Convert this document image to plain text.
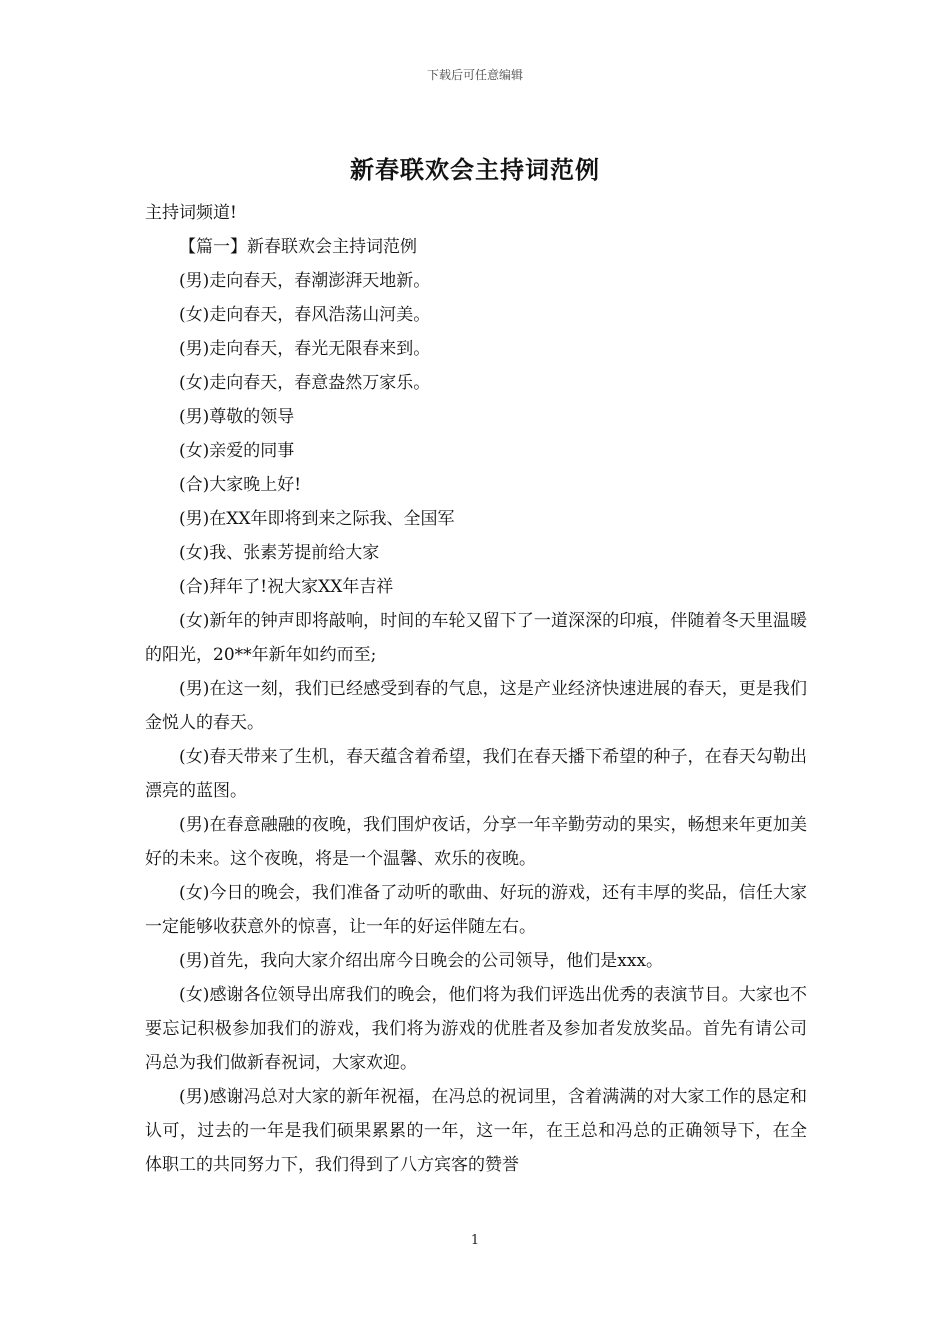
下载后可任意编辑
新春联欢会主持词范例

主持词频道!

【篇一】新春联欢会主持词范例

(男)走向春天，春潮澎湃天地新。

(女)走向春天，春风浩荡山河美。

(男)走向春天，春光无限春来到。

(女)走向春天，春意盎然万家乐。

(男)尊敬的领导

(女)亲爱的同事

(合)大家晚上好!

(男)在XX年即将到来之际我、全国军

(女)我、张素芳提前给大家

(合)拜年了!祝大家XX年吉祥

(女)新年的钟声即将敲响，时间的车轮又留下了一道深深的印痕，伴随着冬天里温暖的阳光，20**年新年如约而至;

(男)在这一刻，我们已经感受到春的气息，这是产业经济快速进展的春天，更是我们金悦人的春天。

(女)春天带来了生机，春天蕴含着希望，我们在春天播下希望的种子，在春天勾勒出漂亮的蓝图。

(男)在春意融融的夜晚，我们围炉夜话，分享一年辛勤劳动的果实，畅想来年更加美好的未来。这个夜晚，将是一个温馨、欢乐的夜晚。

(女)今日的晚会，我们准备了动听的歌曲、好玩的游戏，还有丰厚的奖品，信任大家一定能够收获意外的惊喜，让一年的好运伴随左右。

(男)首先，我向大家介绍出席今日晚会的公司领导，他们是xxx。

(女)感谢各位领导出席我们的晚会，他们将为我们评选出优秀的表演节目。大家也不要忘记积极参加我们的游戏，我们将为游戏的优胜者及参加者发放奖品。首先有请公司冯总为我们做新春祝词，大家欢迎。

(男)感谢冯总对大家的新年祝福，在冯总的祝词里，含着满满的对大家工作的恳定和认可，过去的一年是我们硕果累累的一年，这一年，在王总和冯总的正确领导下，在全体职工的共同努力下，我们得到了八方宾客的赞誉

1
